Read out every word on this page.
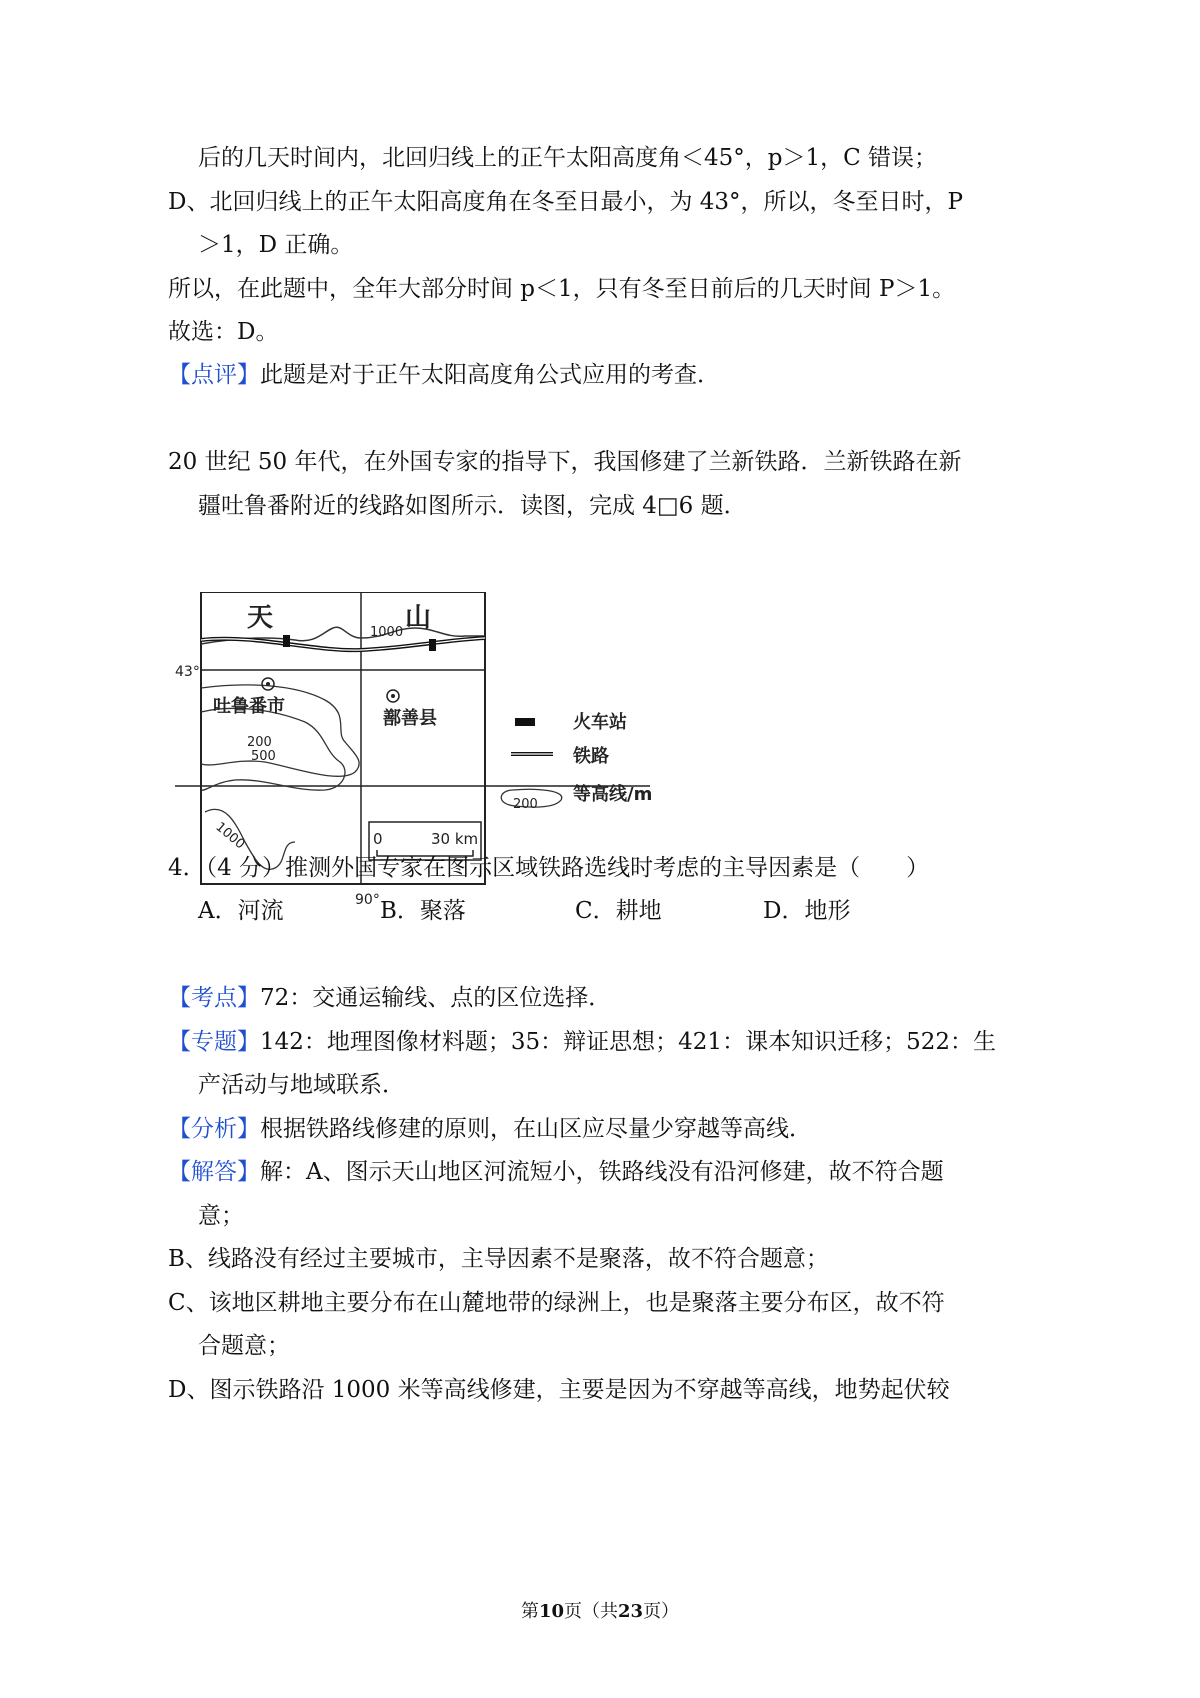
后的几天时间内，北回归线上的正午太阳高度角＜45°，p＞1，C 错误；
D、北回归线上的正午太阳高度角在冬至日最小，为 43°，所以，冬至日时，P
＞1，D 正确。
所以，在此题中，全年大部分时间 p＜1，只有冬至日前后的几天时间 P＞1。
故选：D。
【点评】此题是对于正午太阳高度角公式应用的考查．
20 世纪 50 年代，在外国专家的指导下，我国修建了兰新铁路．兰新铁路在新
疆吐鲁番附近的线路如图所示．读图，完成 4□6 题．
1000
天	山
吐鲁番市
鄯善县
43°
90°
200
500
1000	0	30 km
火车站
铁路
200 等高线/m
4．（4 分）推测外国专家在图示区域铁路选线时考虑的主导因素是（　　）
A．河流	B．聚落	C．耕地	D．地形
【考点】72：交通运输线、点的区位选择．
【专题】142：地理图像材料题；35：辩证思想；421：课本知识迁移；522：生
产活动与地域联系．
【分析】根据铁路线修建的原则，在山区应尽量少穿越等高线．
【解答】解：A、图示天山地区河流短小，铁路线没有沿河修建，故不符合题
意；
B、线路没有经过主要城市，主导因素不是聚落，故不符合题意；
C、该地区耕地主要分布在山麓地带的绿洲上，也是聚落主要分布区，故不符
合题意；
D、图示铁路沿 1000 米等高线修建，主要是因为不穿越等高线，地势起伏较
第10页（共23页）
